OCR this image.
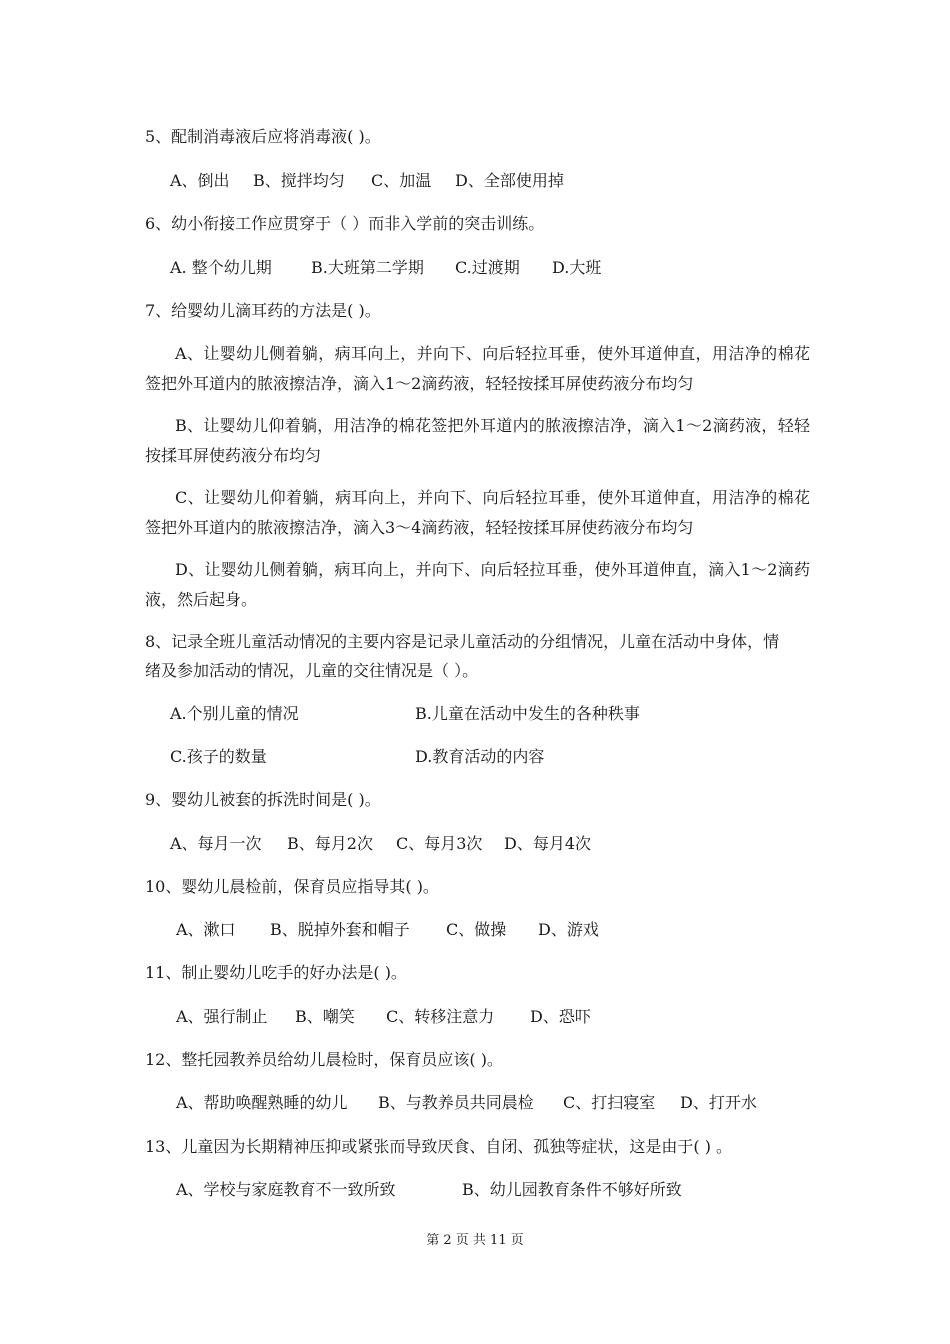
5、配制消毒液后应将消毒液( )。
A、倒出 B、搅拌均匀 C、加温 D、全部使用掉
6、幼小衔接工作应贯穿于（ ）而非入学前的突击训练。
A. 整个幼儿期 B.大班第二学期 C.过渡期 D.大班
7、给婴幼儿滴耳药的方法是( )。
A、让婴幼儿侧着躺，病耳向上，并向下、向后轻拉耳垂，使外耳道伸直，用洁净的棉花签把外耳道内的脓液擦洁净，滴入1～2滴药液，轻轻按揉耳屏使药液分布均匀
B、让婴幼儿仰着躺，用洁净的棉花签把外耳道内的脓液擦洁净，滴入1～2滴药液，轻轻按揉耳屏使药液分布均匀
C、让婴幼儿仰着躺，病耳向上，并向下、向后轻拉耳垂，使外耳道伸直，用洁净的棉花签把外耳道内的脓液擦洁净，滴入3～4滴药液，轻轻按揉耳屏使药液分布均匀
D、让婴幼儿侧着躺，病耳向上，并向下、向后轻拉耳垂，使外耳道伸直，滴入1～2滴药液，然后起身。
8、记录全班儿童活动情况的主要内容是记录儿童活动的分组情况，儿童在活动中身体，情
绪及参加活动的情况，儿童的交往情况是（ ）。
A.个别儿童的情况	B.儿童在活动中发生的各种秩事
C.孩子的数量	D.教育活动的内容
9、婴幼儿被套的拆洗时间是( )。
A、每月一次 B、每月2次 C、每月3次 D、每月4次
10、婴幼儿晨检前，保育员应指导其( )。
A、漱口 B、脱掉外套和帽子 C、做操 D、游戏
11、制止婴幼儿吃手的好办法是( )。
A、强行制止 B、嘲笑 C、转移注意力 D、恐吓
12、整托园教养员给幼儿晨检时，保育员应该( )。
A、帮助唤醒熟睡的幼儿 B、与教养员共同晨检 C、打扫寝室 D、打开水
13、儿童因为长期精神压抑或紧张而导致厌食、自闭、孤独等症状，这是由于( ) 。
A、学校与家庭教育不一致所致	B、幼儿园教育条件不够好所致
第 2 页 共 11 页
